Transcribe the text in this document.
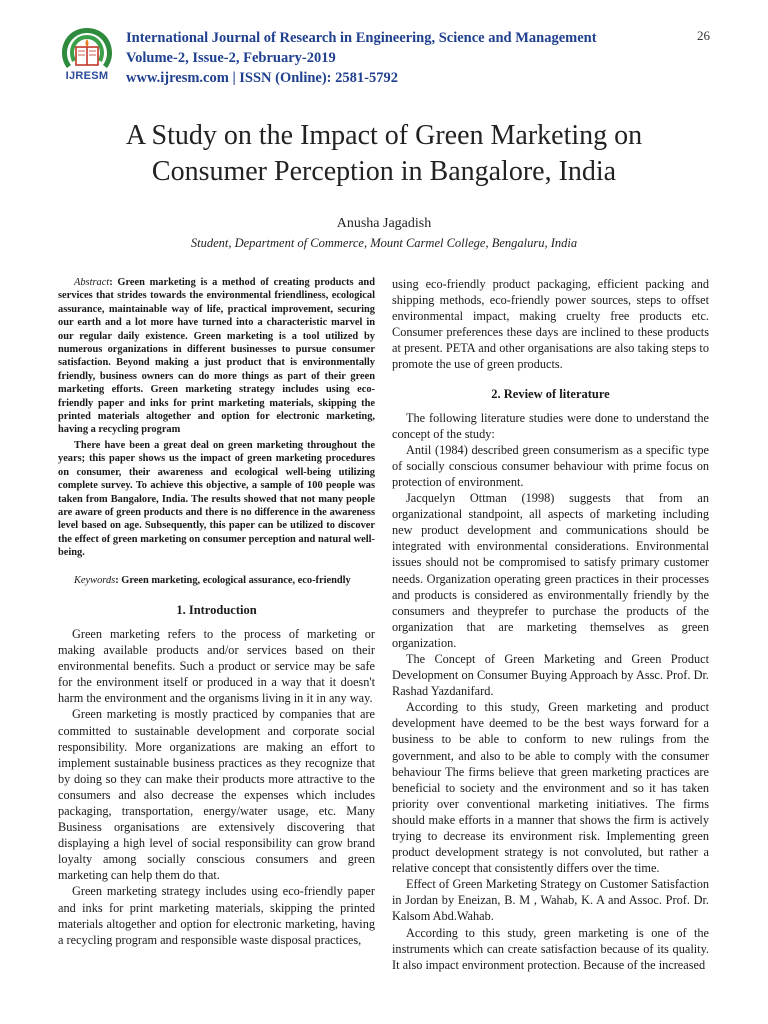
IJRESM
International Journal of Research in Engineering, Science and Management
Volume-2, Issue-2, February-2019
www.ijresm.com | ISSN (Online): 2581-5792
26
A Study on the Impact of Green Marketing on
Consumer Perception in Bangalore, India
Anusha Jagadish
Student, Department of Commerce, Mount Carmel College, Bengaluru, India

Abstract: Green marketing is a method of creating products and services that strides towards the environmental friendliness, ecological assurance, maintainable way of life, practical improvement, securing our earth and a lot more have turned into a characteristic marvel in our regular daily existence. Green marketing is a tool utilized by numerous organizations in different businesses to pursue consumer satisfaction. Beyond making a just product that is environmentally friendly, business owners can do more things as part of their green marketing efforts. Green marketing strategy includes using eco-friendly paper and inks for print marketing materials, skipping the printed materials altogether and option for electronic marketing, having a recycling program

There have been a great deal on green marketing throughout the years; this paper shows us the impact of green marketing procedures on consumer, their awareness and ecological well-being utilizing complete survey. To achieve this objective, a sample of 100 people was taken from Bangalore, India. The results showed that not many people are aware of green products and there is no difference in the awareness level based on age. Subsequently, this paper can be utilized to discover the effect of green marketing on consumer perception and natural well-being.

Keywords: Green marketing, ecological assurance, eco-friendly
1. Introduction

Green marketing refers to the process of marketing or making available products and/or services based on their environmental benefits. Such a product or service may be safe for the environment itself or produced in a way that it doesn't harm the environment and the organisms living in it in any way.

Green marketing is mostly practiced by companies that are committed to sustainable development and corporate social responsibility. More organizations are making an effort to implement sustainable business practices as they recognize that by doing so they can make their products more attractive to the consumers and also decrease the expenses which includes packaging, transportation, energy/water usage, etc. Many Business organisations are extensively discovering that displaying a high level of social responsibility can grow brand loyalty among socially conscious consumers and green marketing can help them do that.

Green marketing strategy includes using eco-friendly paper and inks for print marketing materials, skipping the printed materials altogether and option for electronic marketing, having a recycling program and responsible waste disposal practices,

using eco-friendly product packaging, efficient packing and shipping methods, eco-friendly power sources, steps to offset environmental impact, making cruelty free products etc. Consumer preferences these days are inclined to these products at present. PETA and other organisations are also taking steps to promote the use of green products.

2. Review of literature

The following literature studies were done to understand the concept of the study:

Antil (1984) described green consumerism as a specific type of socially conscious consumer behaviour with prime focus on protection of environment.

Jacquelyn Ottman (1998) suggests that from an organizational standpoint, all aspects of marketing including new product development and communications should be integrated with environmental considerations. Environmental issues should not be compromised to satisfy primary customer needs. Organization operating green practices in their processes and products is considered as environmentally friendly by the consumers and theyprefer to purchase the products of the organization that are marketing themselves as green organization.

The Concept of Green Marketing and Green Product Development on Consumer Buying Approach by Assc. Prof. Dr. Rashad Yazdanifard.

According to this study, Green marketing and product development have deemed to be the best ways forward for a business to be able to conform to new rulings from the government, and also to be able to comply with the consumer behaviour The firms believe that green marketing practices are beneficial to society and the environment and so it has taken priority over conventional marketing initiatives. The firms should make efforts in a manner that shows the firm is actively trying to decrease its environment risk. Implementing green product development strategy is not convoluted, but rather a relative concept that consistently differs over the time.

Effect of Green Marketing Strategy on Customer Satisfaction in Jordan by Eneizan, B. M , Wahab, K. A and Assoc. Prof. Dr. Kalsom Abd.Wahab.

According to this study, green marketing is one of the instruments which can create satisfaction because of its quality. It also impact environment protection. Because of the increased
